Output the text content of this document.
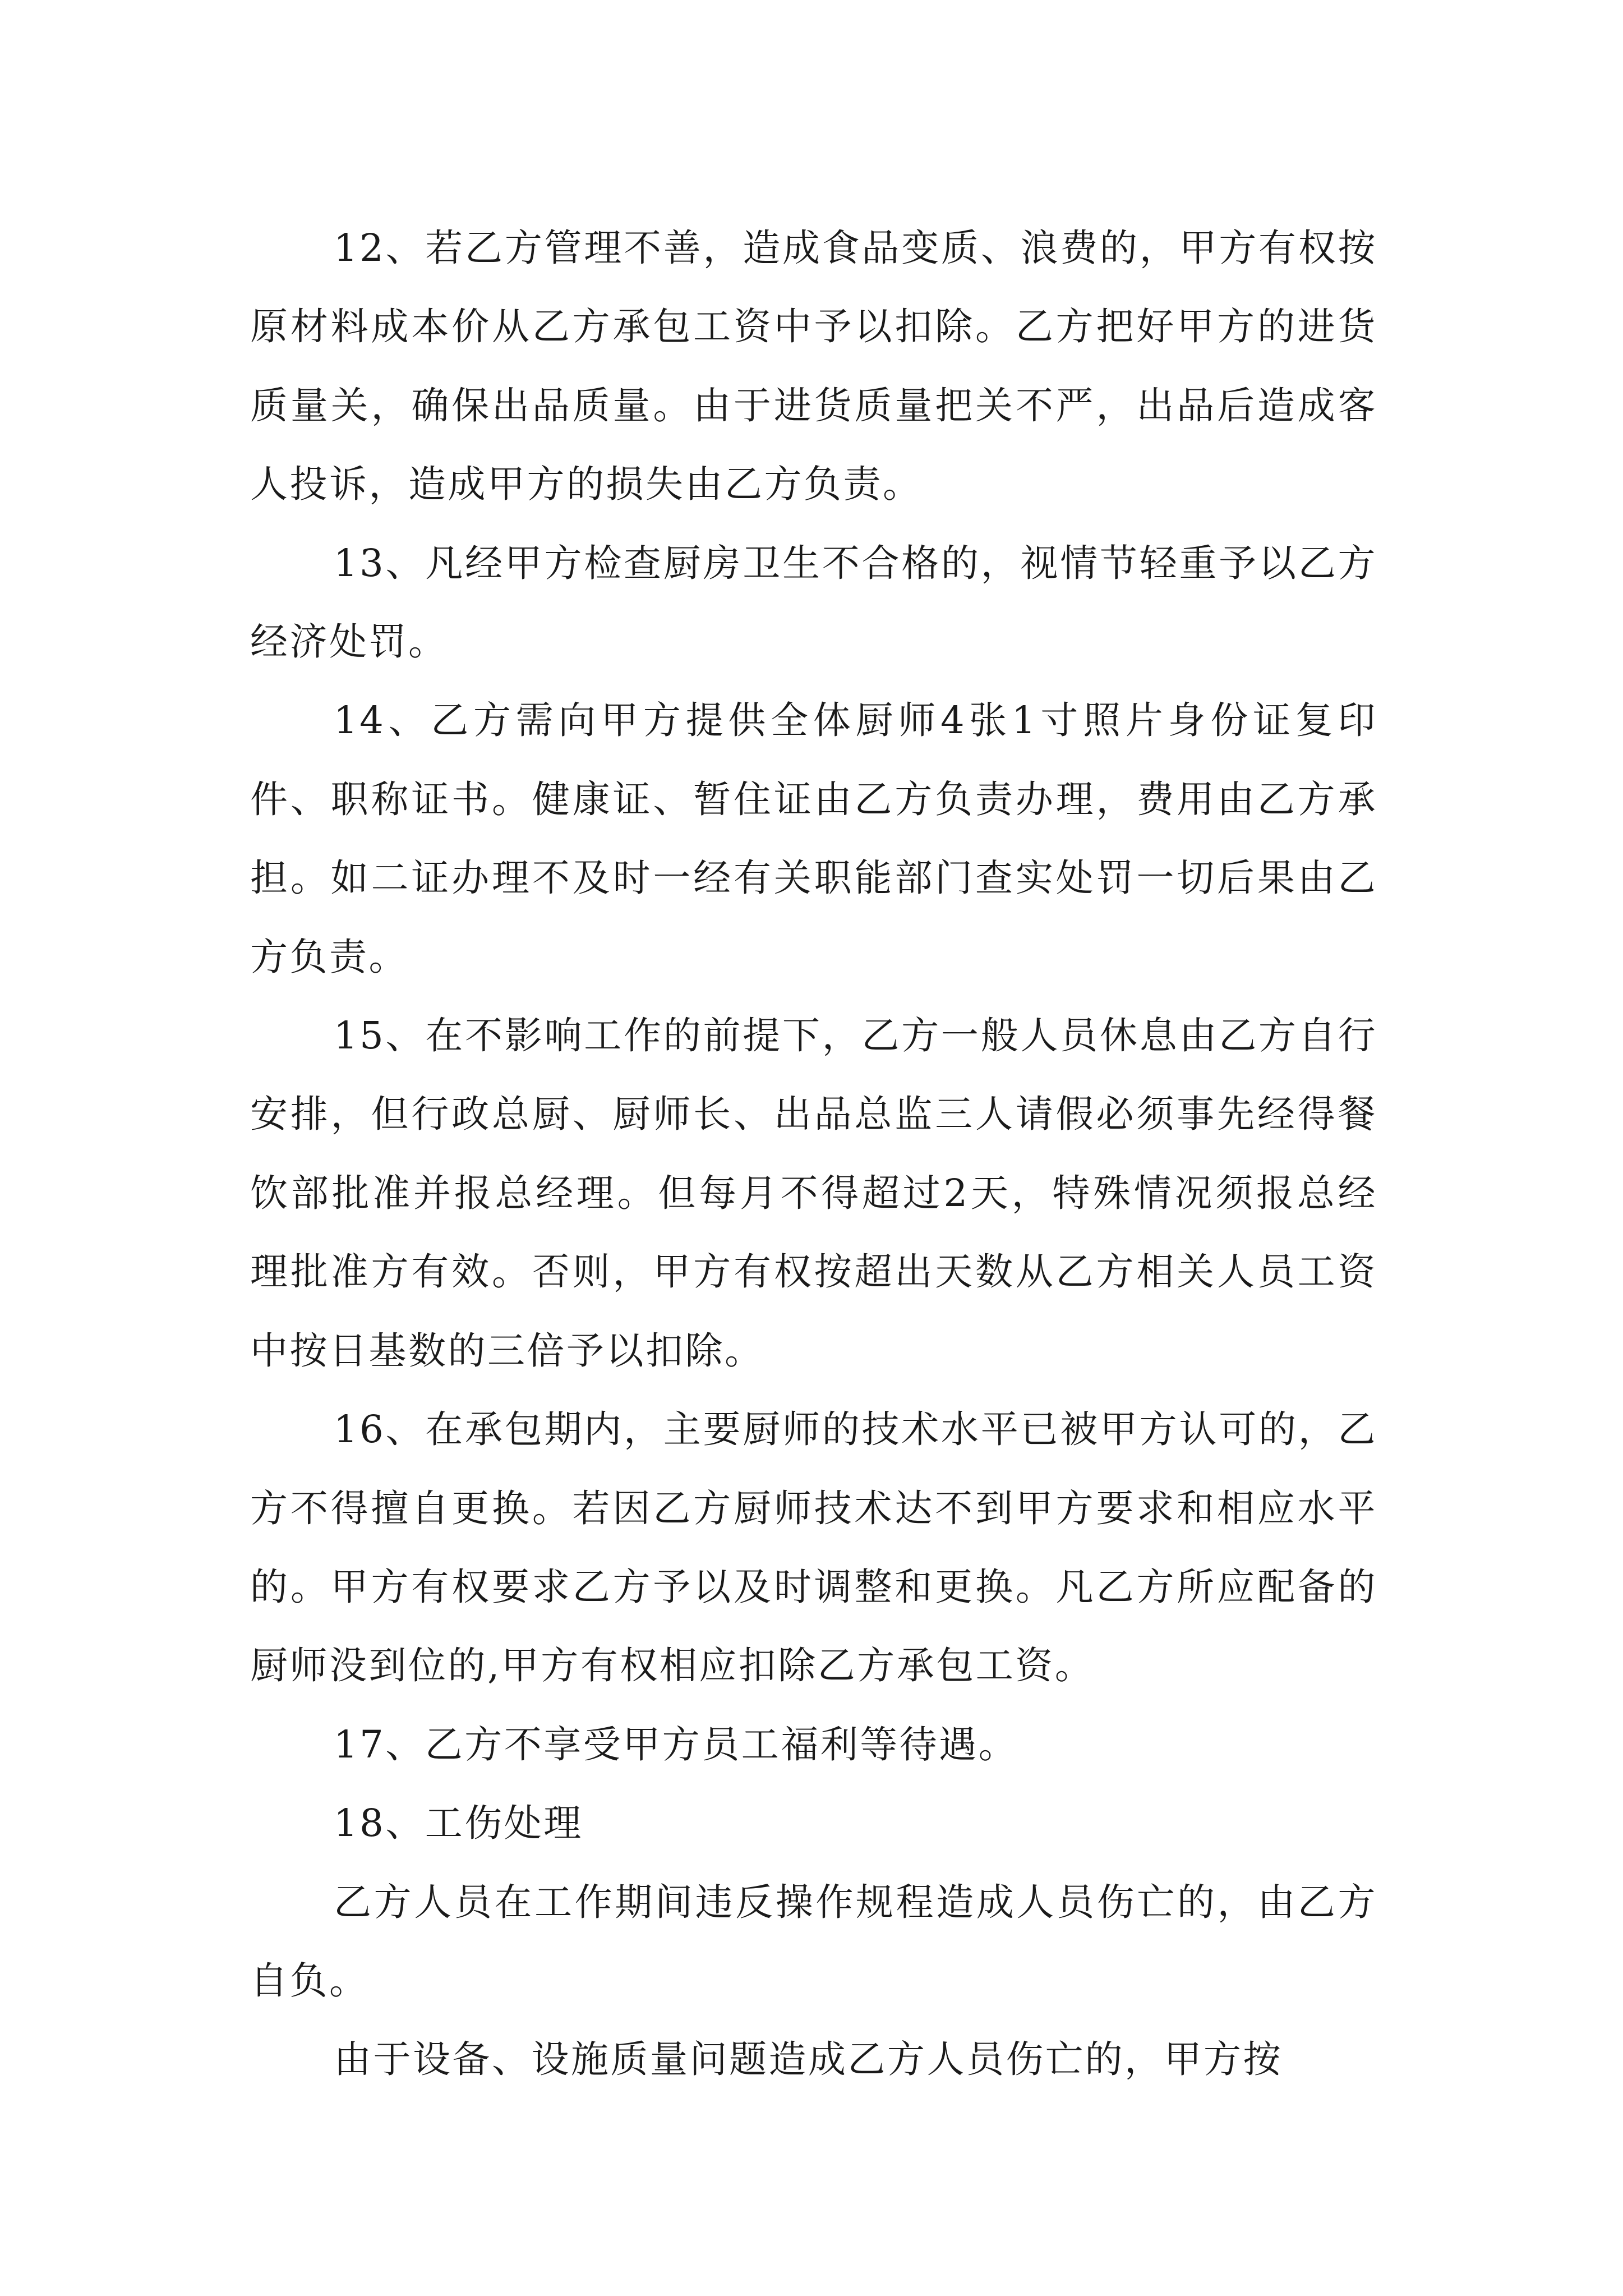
12、若乙方管理不善，造成食品变质、浪费的，甲方有权按原材料成本价从乙方承包工资中予以扣除。乙方把好甲方的进货质量关，确保出品质量。由于进货质量把关不严，出品后造成客人投诉，造成甲方的损失由乙方负责。

13、凡经甲方检查厨房卫生不合格的，视情节轻重予以乙方经济处罚。

14、乙方需向甲方提供全体厨师4张1寸照片身份证复印件、职称证书。健康证、暂住证由乙方负责办理，费用由乙方承担。如二证办理不及时一经有关职能部门查实处罚一切后果由乙方负责。

15、在不影响工作的前提下，乙方一般人员休息由乙方自行安排，但行政总厨、厨师长、出品总监三人请假必须事先经得餐饮部批准并报总经理。但每月不得超过2天，特殊情况须报总经理批准方有效。否则，甲方有权按超出天数从乙方相关人员工资中按日基数的三倍予以扣除。

16、在承包期内，主要厨师的技术水平已被甲方认可的，乙方不得擅自更换。若因乙方厨师技术达不到甲方要求和相应水平的。甲方有权要求乙方予以及时调整和更换。凡乙方所应配备的厨师没到位的,甲方有权相应扣除乙方承包工资。

17、乙方不享受甲方员工福利等待遇。

18、工伤处理

乙方人员在工作期间违反操作规程造成人员伤亡的，由乙方自负。

由于设备、设施质量问题造成乙方人员伤亡的，甲方按
